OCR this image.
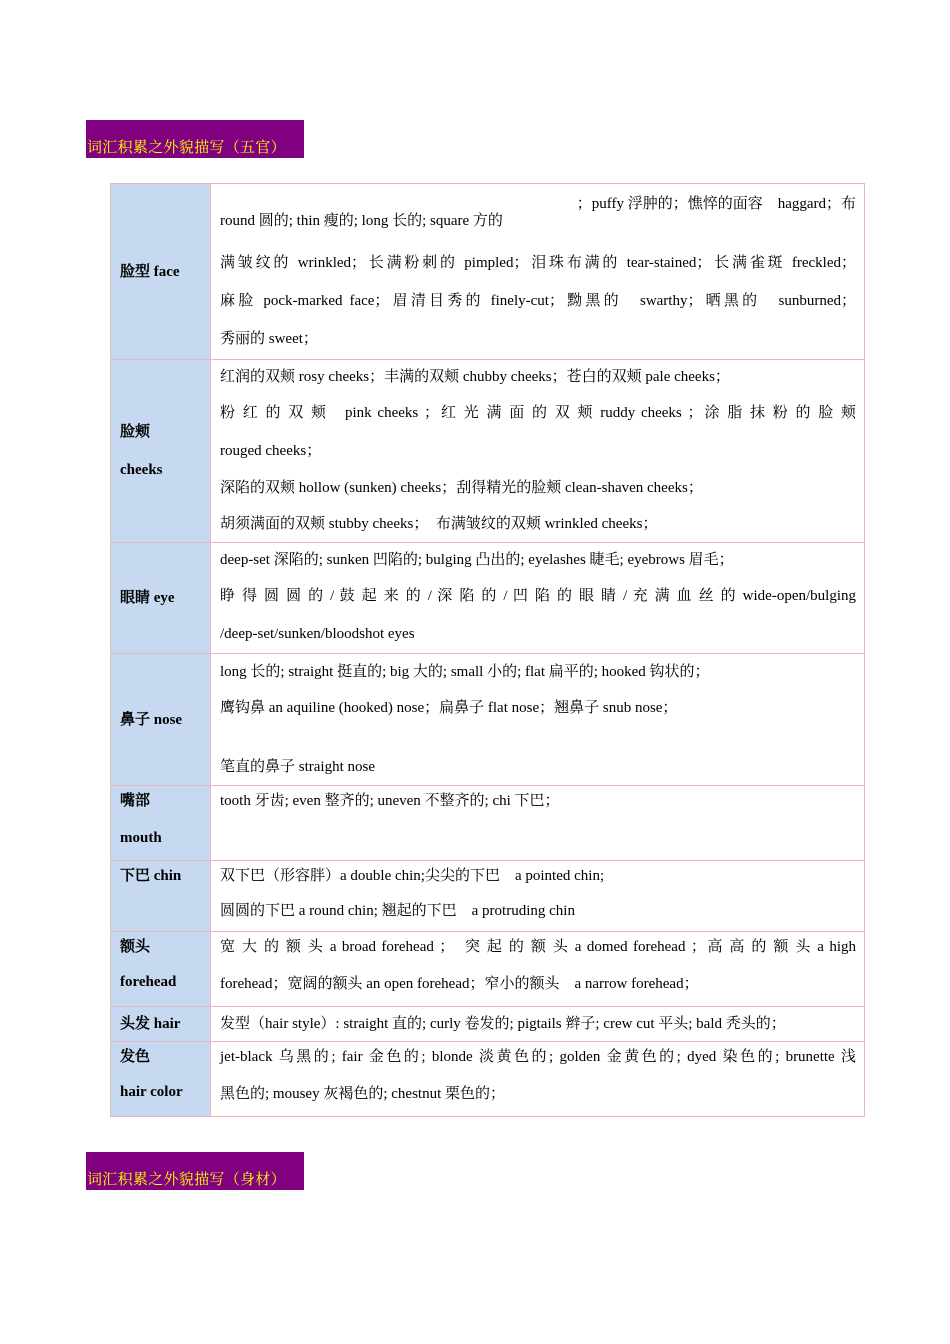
词汇积累之外貌描写（五官）
脸型 face	；puffy 浮肿的；憔悴的面容　haggard；布
round 圆的; thin 瘦的; long 长的; square 方的
满皱纹的 wrinkled；长满粉刺的 pimpled；泪珠布满的 tear-stained；长满雀斑 freckled；
麻脸 pock-marked face；眉清目秀的 finely-cut；黝黑的　swarthy；晒黑的　sunburned；
秀丽的 sweet；

脸颊
cheeks	红润的双颊 rosy cheeks；丰满的双颊 chubby cheeks；苍白的双颊 pale cheeks；
粉 红 的 双 颊　pink cheeks ；红 光 满 面 的 双 颊 ruddy cheeks ；涂 脂 抹 粉 的 脸 颊
rouged cheeks；
深陷的双颊 hollow (sunken) cheeks；刮得精光的脸颊 clean-shaven cheeks；
胡须满面的双颊 stubby cheeks；　布满皱纹的双颊 wrinkled cheeks；

眼睛 eye	deep-set 深陷的; sunken 凹陷的; bulging 凸出的; eyelashes 睫毛; eyebrows 眉毛；
睁 得 圆 圆 的 / 鼓 起 来 的 / 深 陷 的 / 凹 陷 的 眼 睛 / 充 满 血 丝 的 wide-open/bulging
/deep-set/sunken/bloodshot eyes

鼻子 nose	long 长的; straight 挺直的; big 大的; small 小的; flat 扁平的; hooked 钩状的；
鹰钩鼻 an aquiline (hooked) nose；扁鼻子 flat nose；翘鼻子 snub nose；
笔直的鼻子 straight nose

嘴部
mouth	tooth 牙齿; even 整齐的; uneven 不整齐的; chi 下巴；

下巴 chin	双下巴（形容胖）a double chin;尖尖的下巴　a pointed chin;
圆圆的下巴 a round chin; 翘起的下巴　a protruding chin

额头
forehead	宽 大 的 额 头 a broad forehead ；　突 起 的 额 头 a domed forehead ；高 高 的 额 头 a high
forehead；宽阔的额头 an open forehead；窄小的额头　a narrow forehead；

头发 hair	发型（hair style）: straight 直的; curly 卷发的; pigtails 辫子; crew cut 平头; bald 秃头的；

发色
hair color	jet-black 乌黑的; fair 金色的; blonde 淡黄色的; golden 金黄色的; dyed 染色的; brunette 浅
黑色的; mousey 灰褐色的; chestnut 栗色的；
词汇积累之外貌描写（身材）
